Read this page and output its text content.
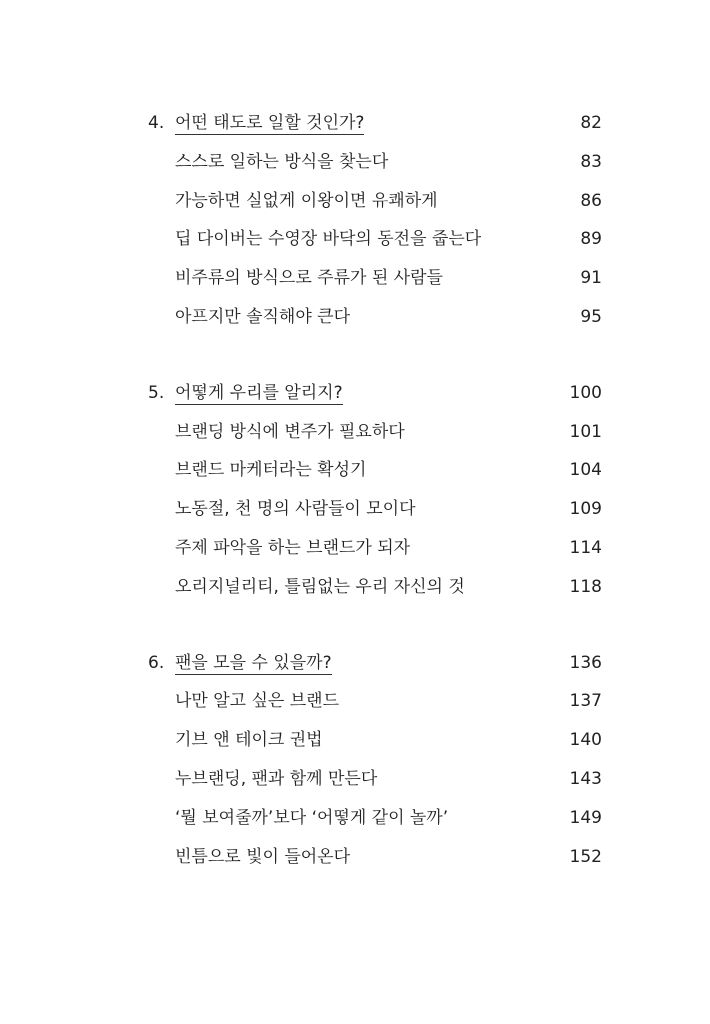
4. 어떤 태도로 일할 것인가?	82
스스로 일하는 방식을 찾는다	83
가능하면 실없게 이왕이면 유쾌하게	86
딥 다이버는 수영장 바닥의 동전을 줍는다	89
비주류의 방식으로 주류가 된 사람들	91
아프지만 솔직해야 큰다	95
5. 어떻게 우리를 알리지?	100
브랜딩 방식에 변주가 필요하다	101
브랜드 마케터라는 확성기	104
노동절, 천 명의 사람들이 모이다	109
주제 파악을 하는 브랜드가 되자	114
오리지널리티, 틀림없는 우리 자신의 것	118
6. 팬을 모을 수 있을까?	136
나만 알고 싶은 브랜드	137
기브 앤 테이크 권법	140
누브랜딩, 팬과 함께 만든다	143
‘뭘 보여줄까’보다 ‘어떻게 같이 놀까’	149
빈틈으로 빛이 들어온다	152
